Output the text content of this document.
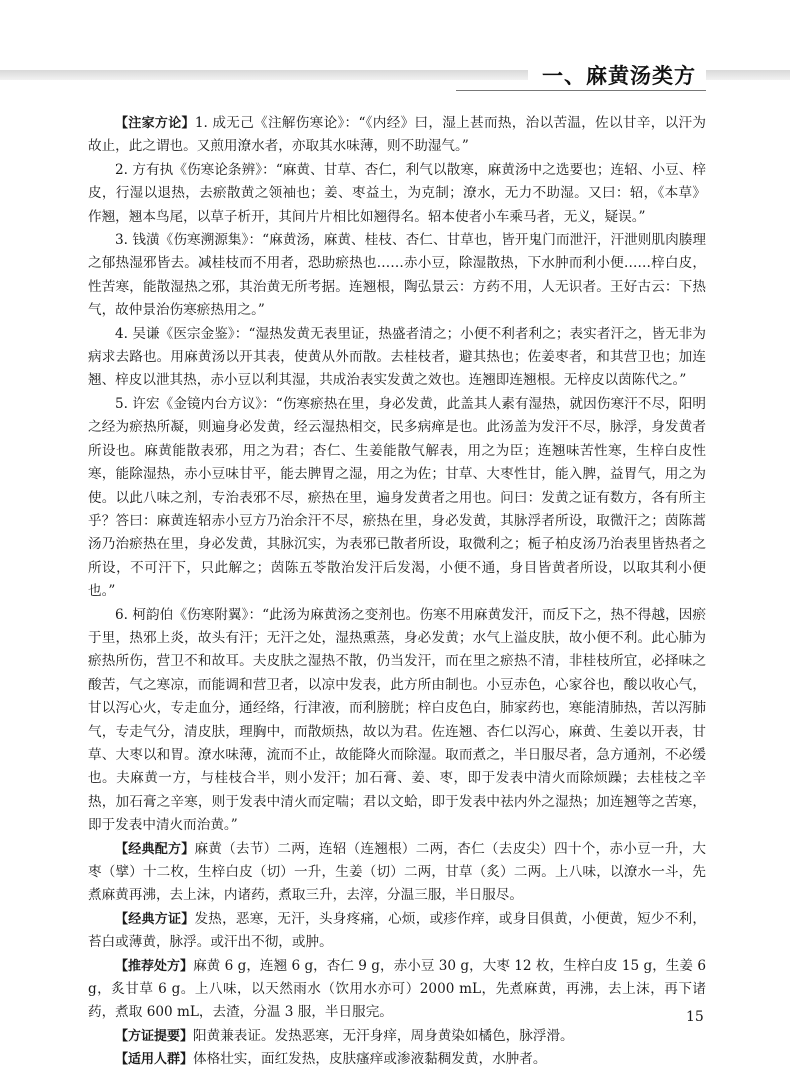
一、麻黄汤类方

【注家方论】1. 成无己《注解伤寒论》：“《内经》曰，湿上甚而热，治以苦温，佐以甘辛，以汗为故止，此之谓也。又煎用潦水者，亦取其水味薄，则不助湿气。”

2. 方有执《伤寒论条辨》：“麻黄、甘草、杏仁，利气以散寒，麻黄汤中之选要也；连轺、小豆、梓皮，行湿以退热，去瘀散黄之领袖也；姜、枣益土，为克制；潦水，无力不助湿。又曰：轺，《本草》作翘，翘本鸟尾，以草子析开，其间片片相比如翘得名。轺本使者小车乘马者，无义，疑误。”

3. 钱潢《伤寒溯源集》：“麻黄汤，麻黄、桂枝、杏仁、甘草也，皆开鬼门而泄汗，汗泄则肌肉腠理之郁热湿邪皆去。减桂枝而不用者，恐助瘀热也……赤小豆，除湿散热，下水肿而利小便……梓白皮，性苦寒，能散湿热之邪，其治黄无所考据。连翘根，陶弘景云：方药不用，人无识者。王好古云：下热气，故仲景治伤寒瘀热用之。”

4. 吴谦《医宗金鉴》：“湿热发黄无表里证，热盛者清之；小便不利者利之；表实者汗之，皆无非为病求去路也。用麻黄汤以开其表，使黄从外而散。去桂枝者，避其热也；佐姜枣者，和其营卫也；加连翘、梓皮以泄其热，赤小豆以利其湿，共成治表实发黄之效也。连翘即连翘根。无梓皮以茵陈代之。”

5. 许宏《金镜内台方议》：“伤寒瘀热在里，身必发黄，此盖其人素有湿热，就因伤寒汗不尽，阳明之经为瘀热所凝，则遍身必发黄，经云湿热相交，民多病瘅是也。此汤盖为发汗不尽，脉浮，身发黄者所设也。麻黄能散表邪，用之为君；杏仁、生姜能散气解表，用之为臣；连翘味苦性寒，生梓白皮性寒，能除湿热，赤小豆味甘平，能去脾胃之湿，用之为佐；甘草、大枣性甘，能入脾，益胃气，用之为使。以此八味之剂，专治表邪不尽，瘀热在里，遍身发黄者之用也。问曰：发黄之证有数方，各有所主乎？答曰：麻黄连轺赤小豆方乃治余汗不尽，瘀热在里，身必发黄，其脉浮者所设，取微汗之；茵陈蒿汤乃治瘀热在里，身必发黄，其脉沉实，为表邪已散者所设，取微利之；栀子柏皮汤乃治表里皆热者之所设，不可汗下，只此解之；茵陈五苓散治发汗后发渴，小便不通，身目皆黄者所设，以取其利小便也。”

6. 柯韵伯《伤寒附翼》：“此汤为麻黄汤之变剂也。伤寒不用麻黄发汗，而反下之，热不得越，因瘀于里，热邪上炎，故头有汗；无汗之处，湿热熏蒸，身必发黄；水气上溢皮肤，故小便不利。此心肺为瘀热所伤，营卫不和故耳。夫皮肤之湿热不散，仍当发汗，而在里之瘀热不清，非桂枝所宜，必择味之酸苦，气之寒凉，而能调和营卫者，以凉中发表，此方所由制也。小豆赤色，心家谷也，酸以收心气，甘以泻心火，专走血分，通经络，行津液，而利膀胱；梓白皮色白，肺家药也，寒能清肺热，苦以泻肺气，专走气分，清皮肤，理胸中，而散烦热，故以为君。佐连翘、杏仁以泻心，麻黄、生姜以开表，甘草、大枣以和胃。潦水味薄，流而不止，故能降火而除湿。取而煮之，半日服尽者，急方通剂，不必缓也。夫麻黄一方，与桂枝合半，则小发汗；加石膏、姜、枣，即于发表中清火而除烦躁；去桂枝之辛热，加石膏之辛寒，则于发表中清火而定喘；君以文蛤，即于发表中祛内外之湿热；加连翘等之苦寒，即于发表中清火而治黄。”

【经典配方】麻黄（去节）二两，连轺（连翘根）二两，杏仁（去皮尖）四十个，赤小豆一升，大枣（擘）十二枚，生梓白皮（切）一升，生姜（切）二两，甘草（炙）二两。上八味，以潦水一斗，先煮麻黄再沸，去上沫，内诸药，煮取三升，去滓，分温三服，半日服尽。

【经典方证】发热，恶寒，无汗，头身疼痛，心烦，或疹作痒，或身目俱黄，小便黄，短少不利，苔白或薄黄，脉浮。或汗出不彻，或肿。

【推荐处方】麻黄 6 g，连翘 6 g，杏仁 9 g，赤小豆 30 g，大枣 12 枚，生梓白皮 15 g，生姜 6 g，炙甘草 6 g。上八味，以天然雨水（饮用水亦可）2000 mL，先煮麻黄，再沸，去上沫，再下诸药，煮取 600 mL，去渣，分温 3 服，半日服完。

【方证提要】阳黄兼表证。发热恶寒，无汗身痒，周身黄染如橘色，脉浮滑。

【适用人群】体格壮实，面红发热，皮肤瘙痒或渗液黏稠发黄，水肿者。

15
